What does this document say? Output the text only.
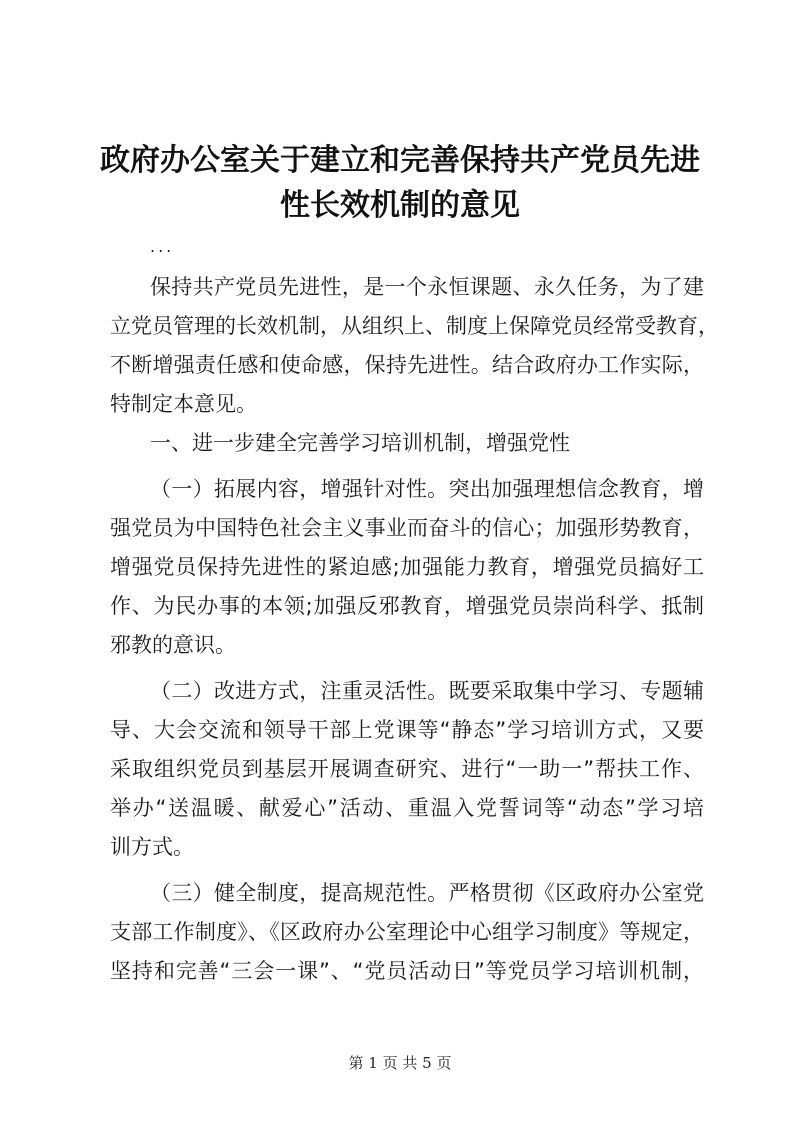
政府办公室关于建立和完善保持共产党员先进
性长效机制的意见
...
保持共产党员先进性，是一个永恒课题、永久任务，为了建
立党员管理的长效机制，从组织上、制度上保障党员经常受教育，
不断增强责任感和使命感，保持先进性。结合政府办工作实际，
特制定本意见。
一、进一步建全完善学习培训机制，增强党性
（一）拓展内容，增强针对性。突出加强理想信念教育，增
强党员为中国特色社会主义事业而奋斗的信心；加强形势教育，
增强党员保持先进性的紧迫感;加强能力教育，增强党员搞好工
作、为民办事的本领;加强反邪教育，增强党员崇尚科学、抵制
邪教的意识。
（二）改进方式，注重灵活性。既要采取集中学习、专题辅
导、大会交流和领导干部上党课等“静态”学习培训方式，又要
采取组织党员到基层开展调查研究、进行“一助一”帮扶工作、
举办“送温暖、献爱心”活动、重温入党誓词等“动态”学习培
训方式。
（三）健全制度，提高规范性。严格贯彻《区政府办公室党
支部工作制度》、《区政府办公室理论中心组学习制度》等规定，
坚持和完善“三会一课”、“党员活动日”等党员学习培训机制，
第 1 页 共 5 页
